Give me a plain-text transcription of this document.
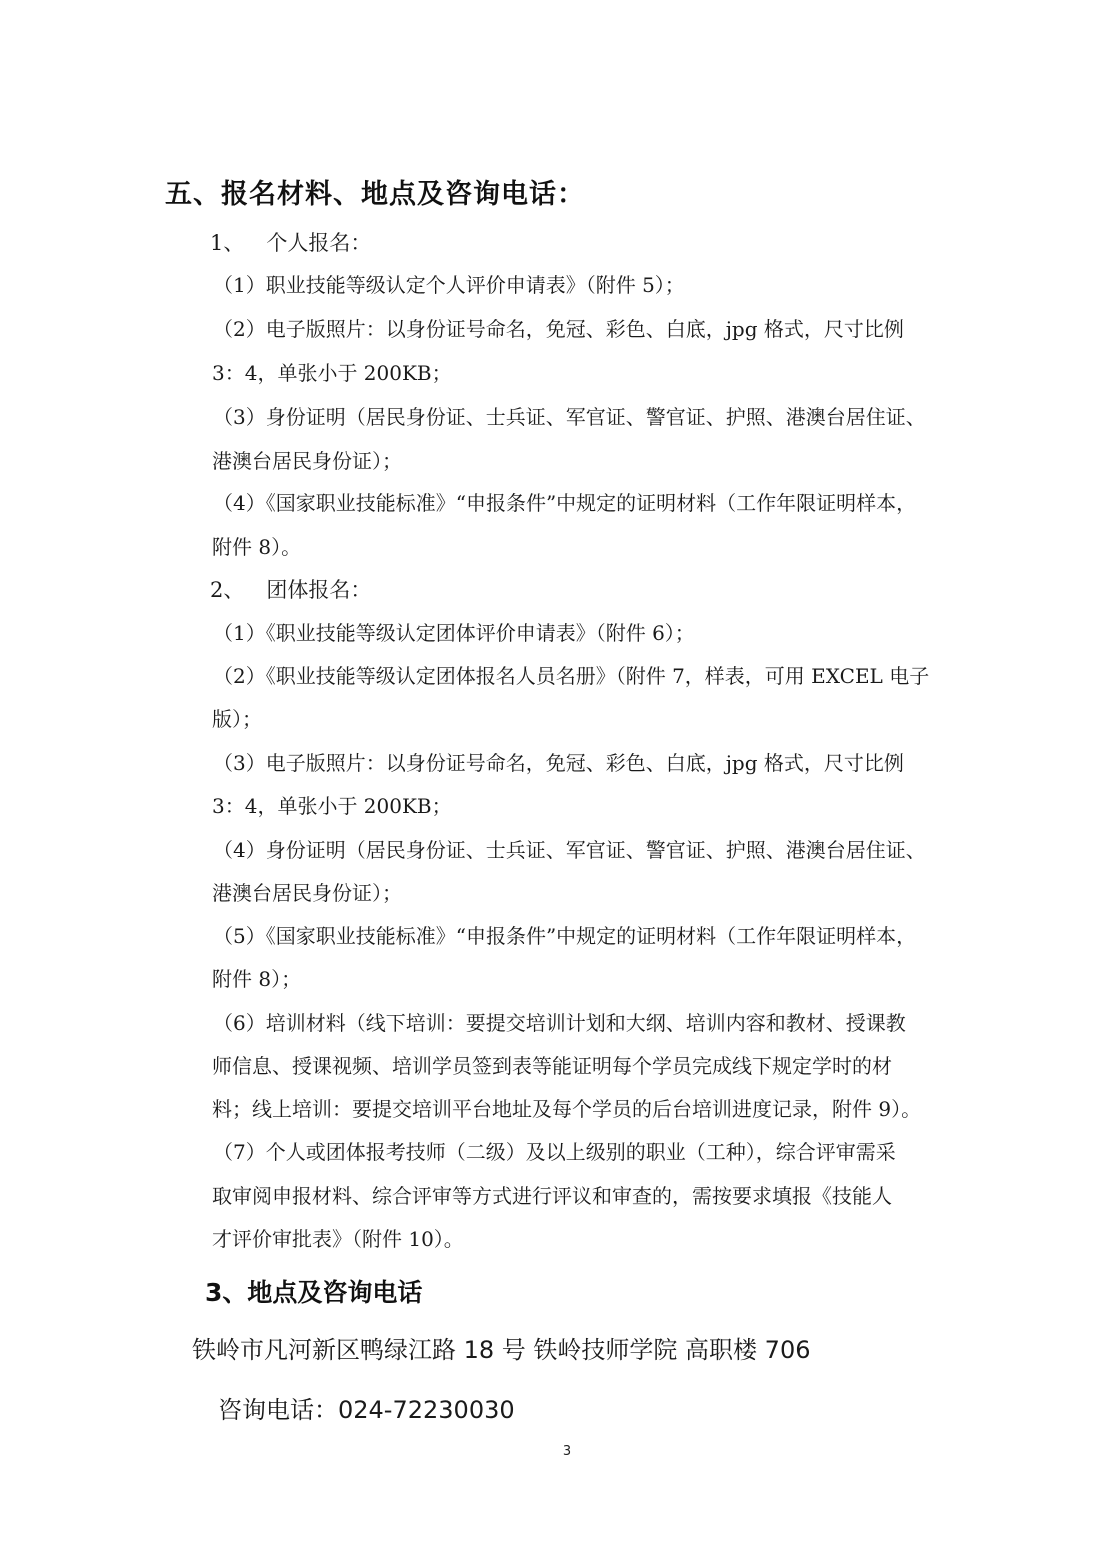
五、报名材料、地点及咨询电话：
1、 个人报名：
（1）职业技能等级认定个人评价申请表》（附件 5）；
（2）电子版照片：以身份证号命名，免冠、彩色、白底，jpg 格式，尺寸比例
3：4，单张小于 200KB；
（3）身份证明（居民身份证、士兵证、军官证、警官证、护照、港澳台居住证、
港澳台居民身份证）；
（4）《国家职业技能标准》“申报条件”中规定的证明材料（工作年限证明样本，
附件 8）。
2、 团体报名：
（1）《职业技能等级认定团体评价申请表》（附件 6）；
（2）《职业技能等级认定团体报名人员名册》（附件 7，样表，可用 EXCEL 电子
版）；
（3）电子版照片：以身份证号命名，免冠、彩色、白底，jpg 格式，尺寸比例
3：4，单张小于 200KB；
（4）身份证明（居民身份证、士兵证、军官证、警官证、护照、港澳台居住证、
港澳台居民身份证）；
（5）《国家职业技能标准》“申报条件”中规定的证明材料（工作年限证明样本，
附件 8）；
（6）培训材料（线下培训：要提交培训计划和大纲、培训内容和教材、授课教
师信息、授课视频、培训学员签到表等能证明每个学员完成线下规定学时的材
料；线上培训：要提交培训平台地址及每个学员的后台培训进度记录，附件 9）。
（7）个人或团体报考技师（二级）及以上级别的职业（工种），综合评审需采
取审阅申报材料、综合评审等方式进行评议和审查的，需按要求填报《技能人
才评价审批表》（附件 10）。
3、地点及咨询电话
铁岭市凡河新区鸭绿江路 18 号 铁岭技师学院 高职楼 706
咨询电话：024-72230030
3
